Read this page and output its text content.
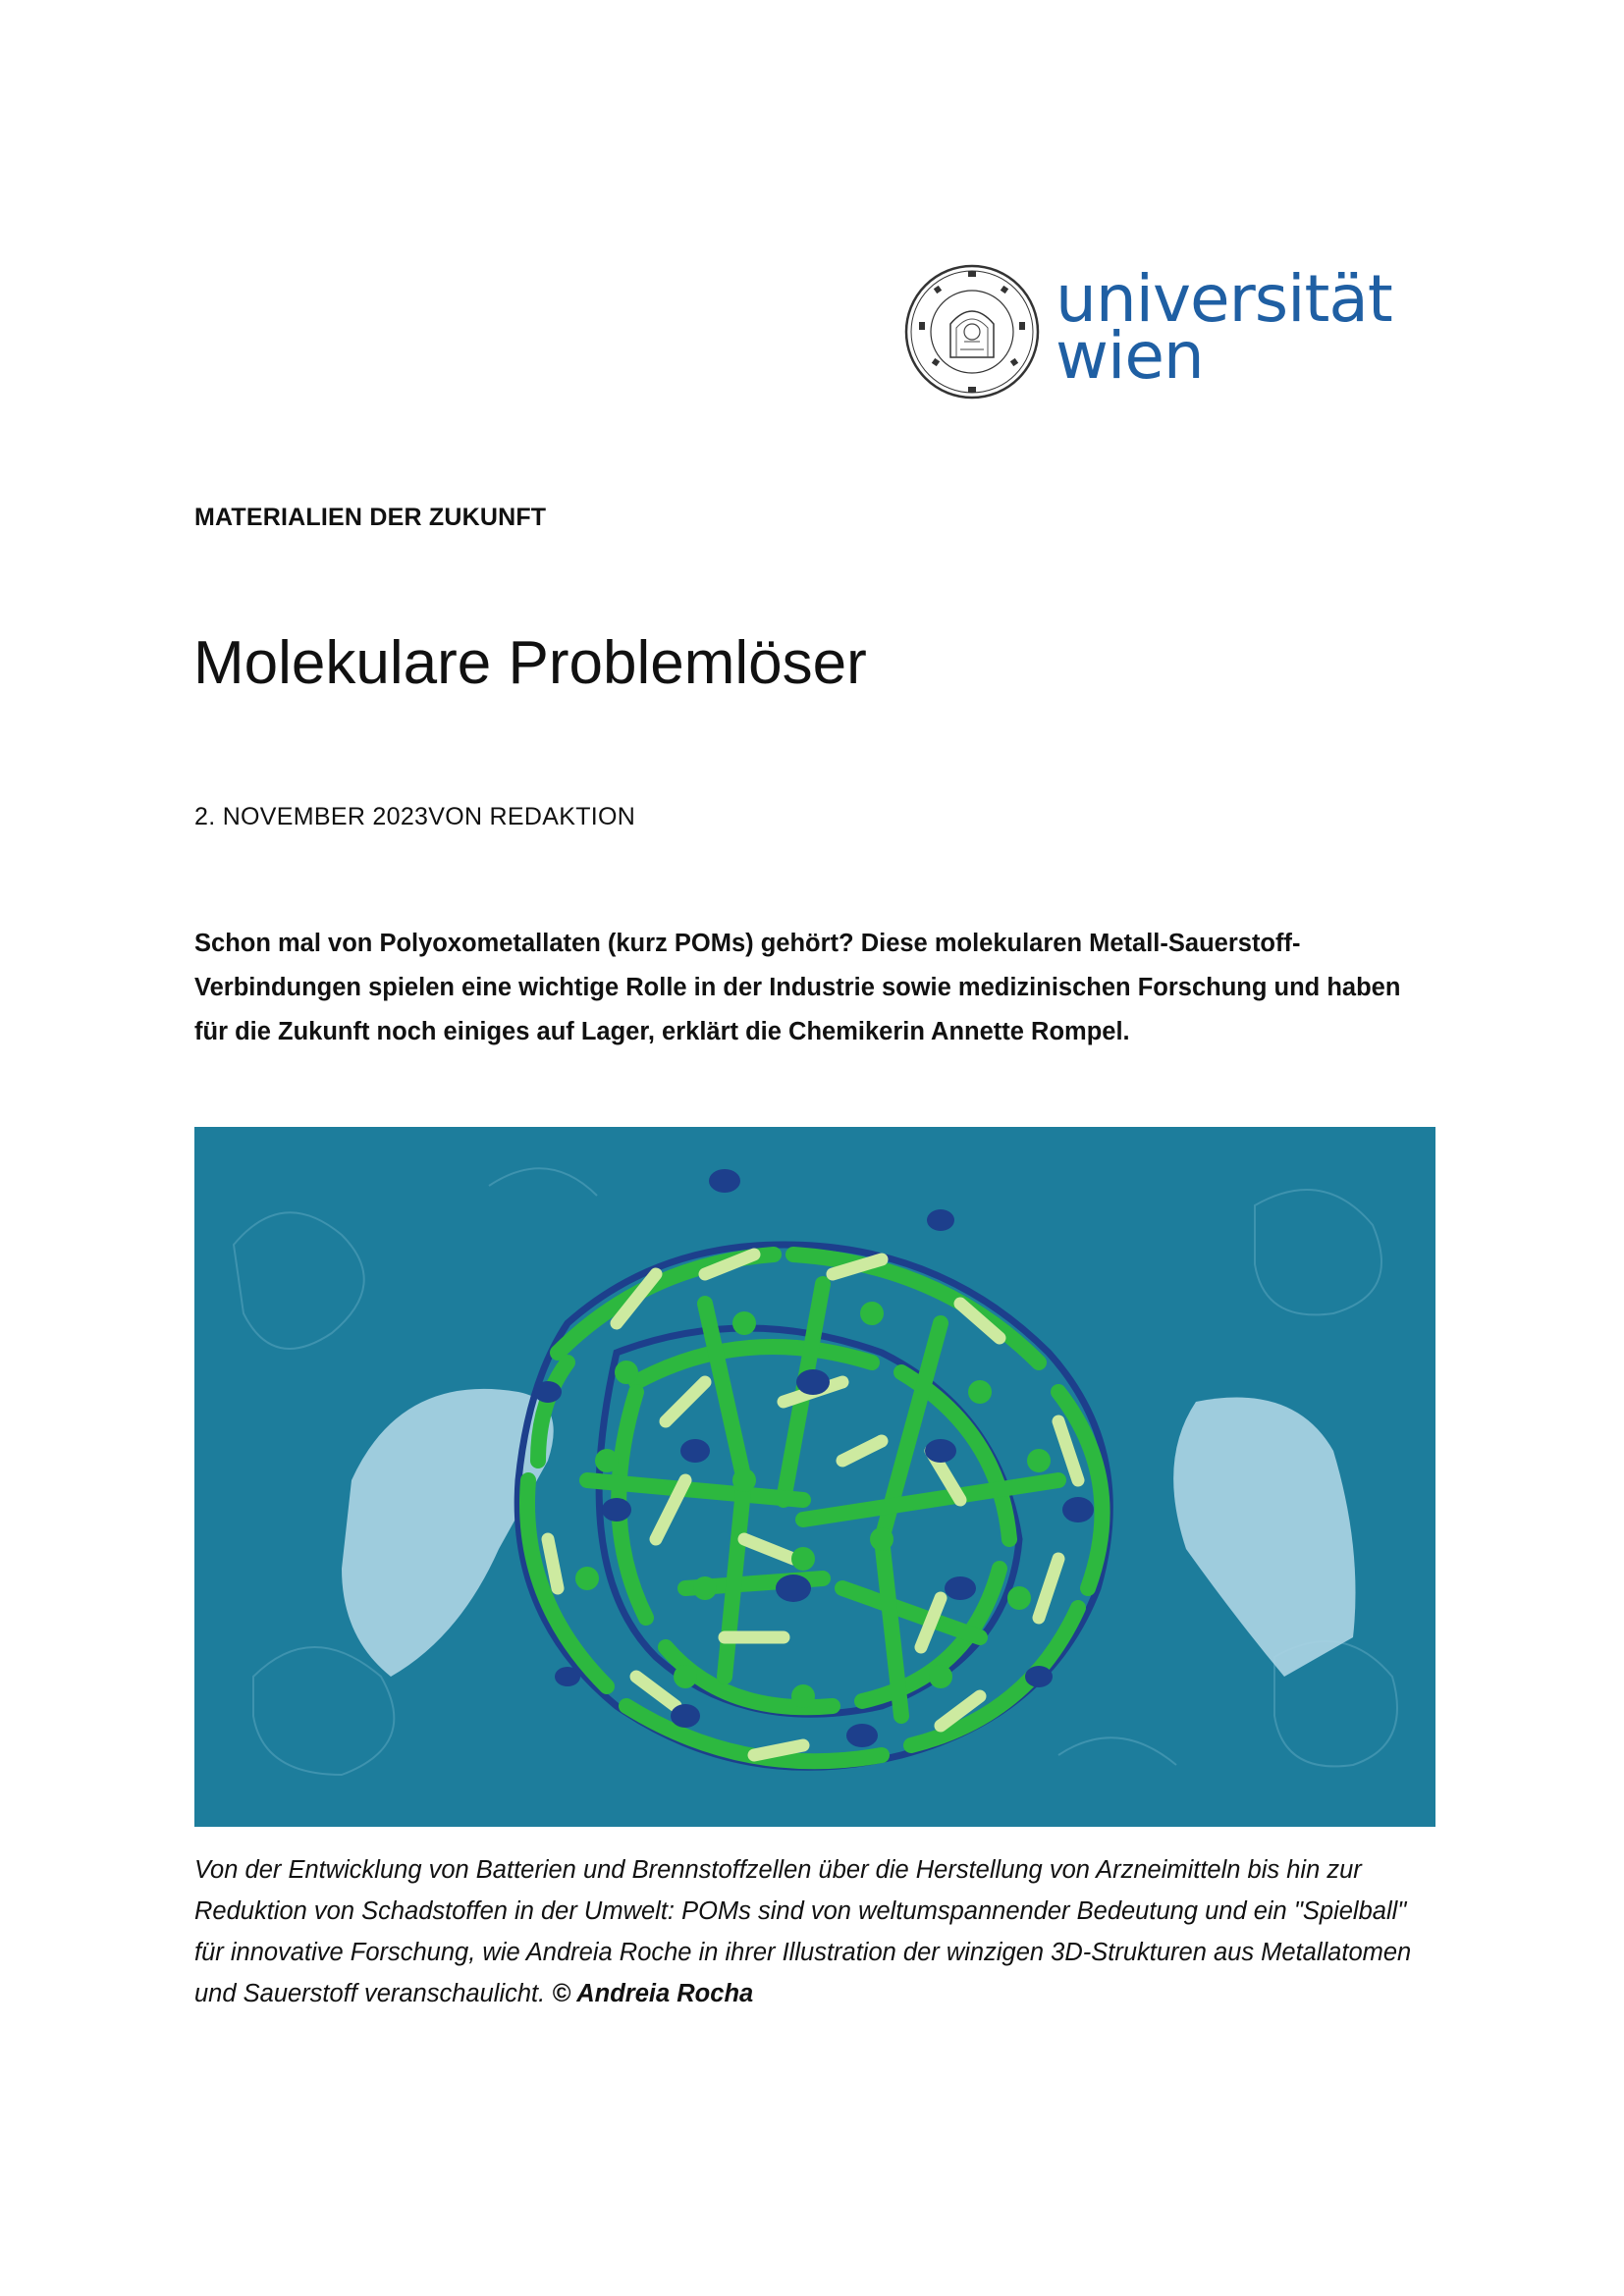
universität
wien
MATERIALIEN DER ZUKUNFT
Molekulare Problemlöser
2. NOVEMBER 2023VON REDAKTION
Schon mal von Polyoxometallaten (kurz POMs) gehört? Diese molekularen Metall-Sauerstoff-Verbindungen spielen eine wichtige Rolle in der Industrie sowie medizinischen Forschung und haben für die Zukunft noch einiges auf Lager, erklärt die Chemikerin Annette Rompel.
Von der Entwicklung von Batterien und Brennstoffzellen über die Herstellung von Arzneimitteln bis hin zur Reduktion von Schadstoffen in der Umwelt: POMs sind von weltumspannender Bedeutung und ein "Spielball" für innovative Forschung, wie Andreia Roche in ihrer Illustration der winzigen 3D-Strukturen aus Metallatomen und Sauerstoff veranschaulicht. © Andreia Rocha
